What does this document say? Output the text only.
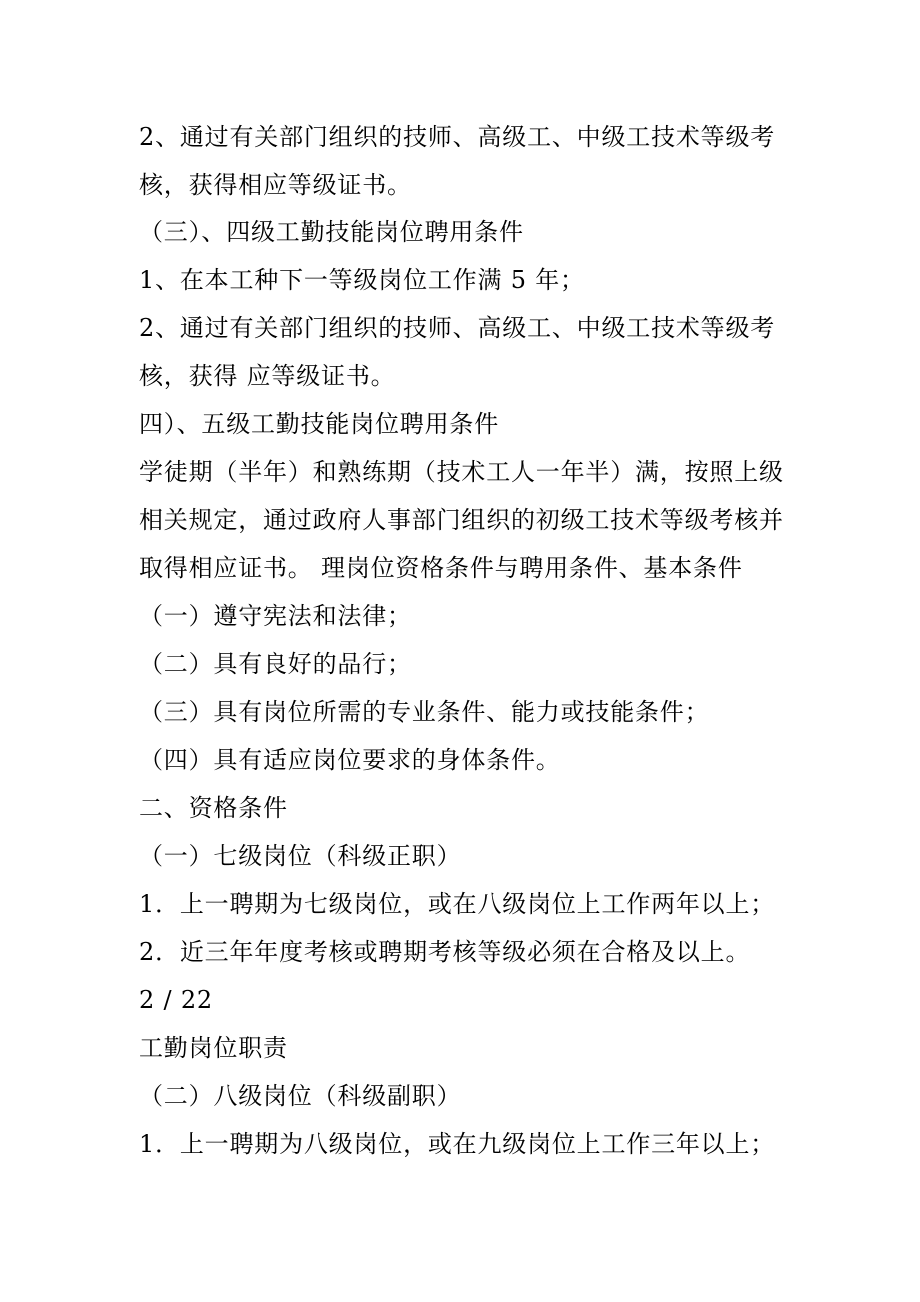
2、通过有关部门组织的技师、高级工、中级工技术等级考

核，获得相应等级证书。

（三）、四级工勤技能岗位聘用条件

1、在本工种下一等级岗位工作满 5 年；

2、通过有关部门组织的技师、高级工、中级工技术等级考

核，获得 应等级证书。

四）、五级工勤技能岗位聘用条件

学徒期（半年）和熟练期（技术工人一年半）满，按照上级

相关规定，通过政府人事部门组织的初级工技术等级考核并

取得相应证书。 理岗位资格条件与聘用条件、基本条件

（一）遵守宪法和法律；

（二）具有良好的品行；

（三）具有岗位所需的专业条件、能力或技能条件；

（四）具有适应岗位要求的身体条件。

二、资格条件

（一）七级岗位（科级正职）

1．上一聘期为七级岗位，或在八级岗位上工作两年以上；

2．近三年年度考核或聘期考核等级必须在合格及以上。

2 / 22

工勤岗位职责

（二）八级岗位（科级副职）

1．上一聘期为八级岗位，或在九级岗位上工作三年以上；
